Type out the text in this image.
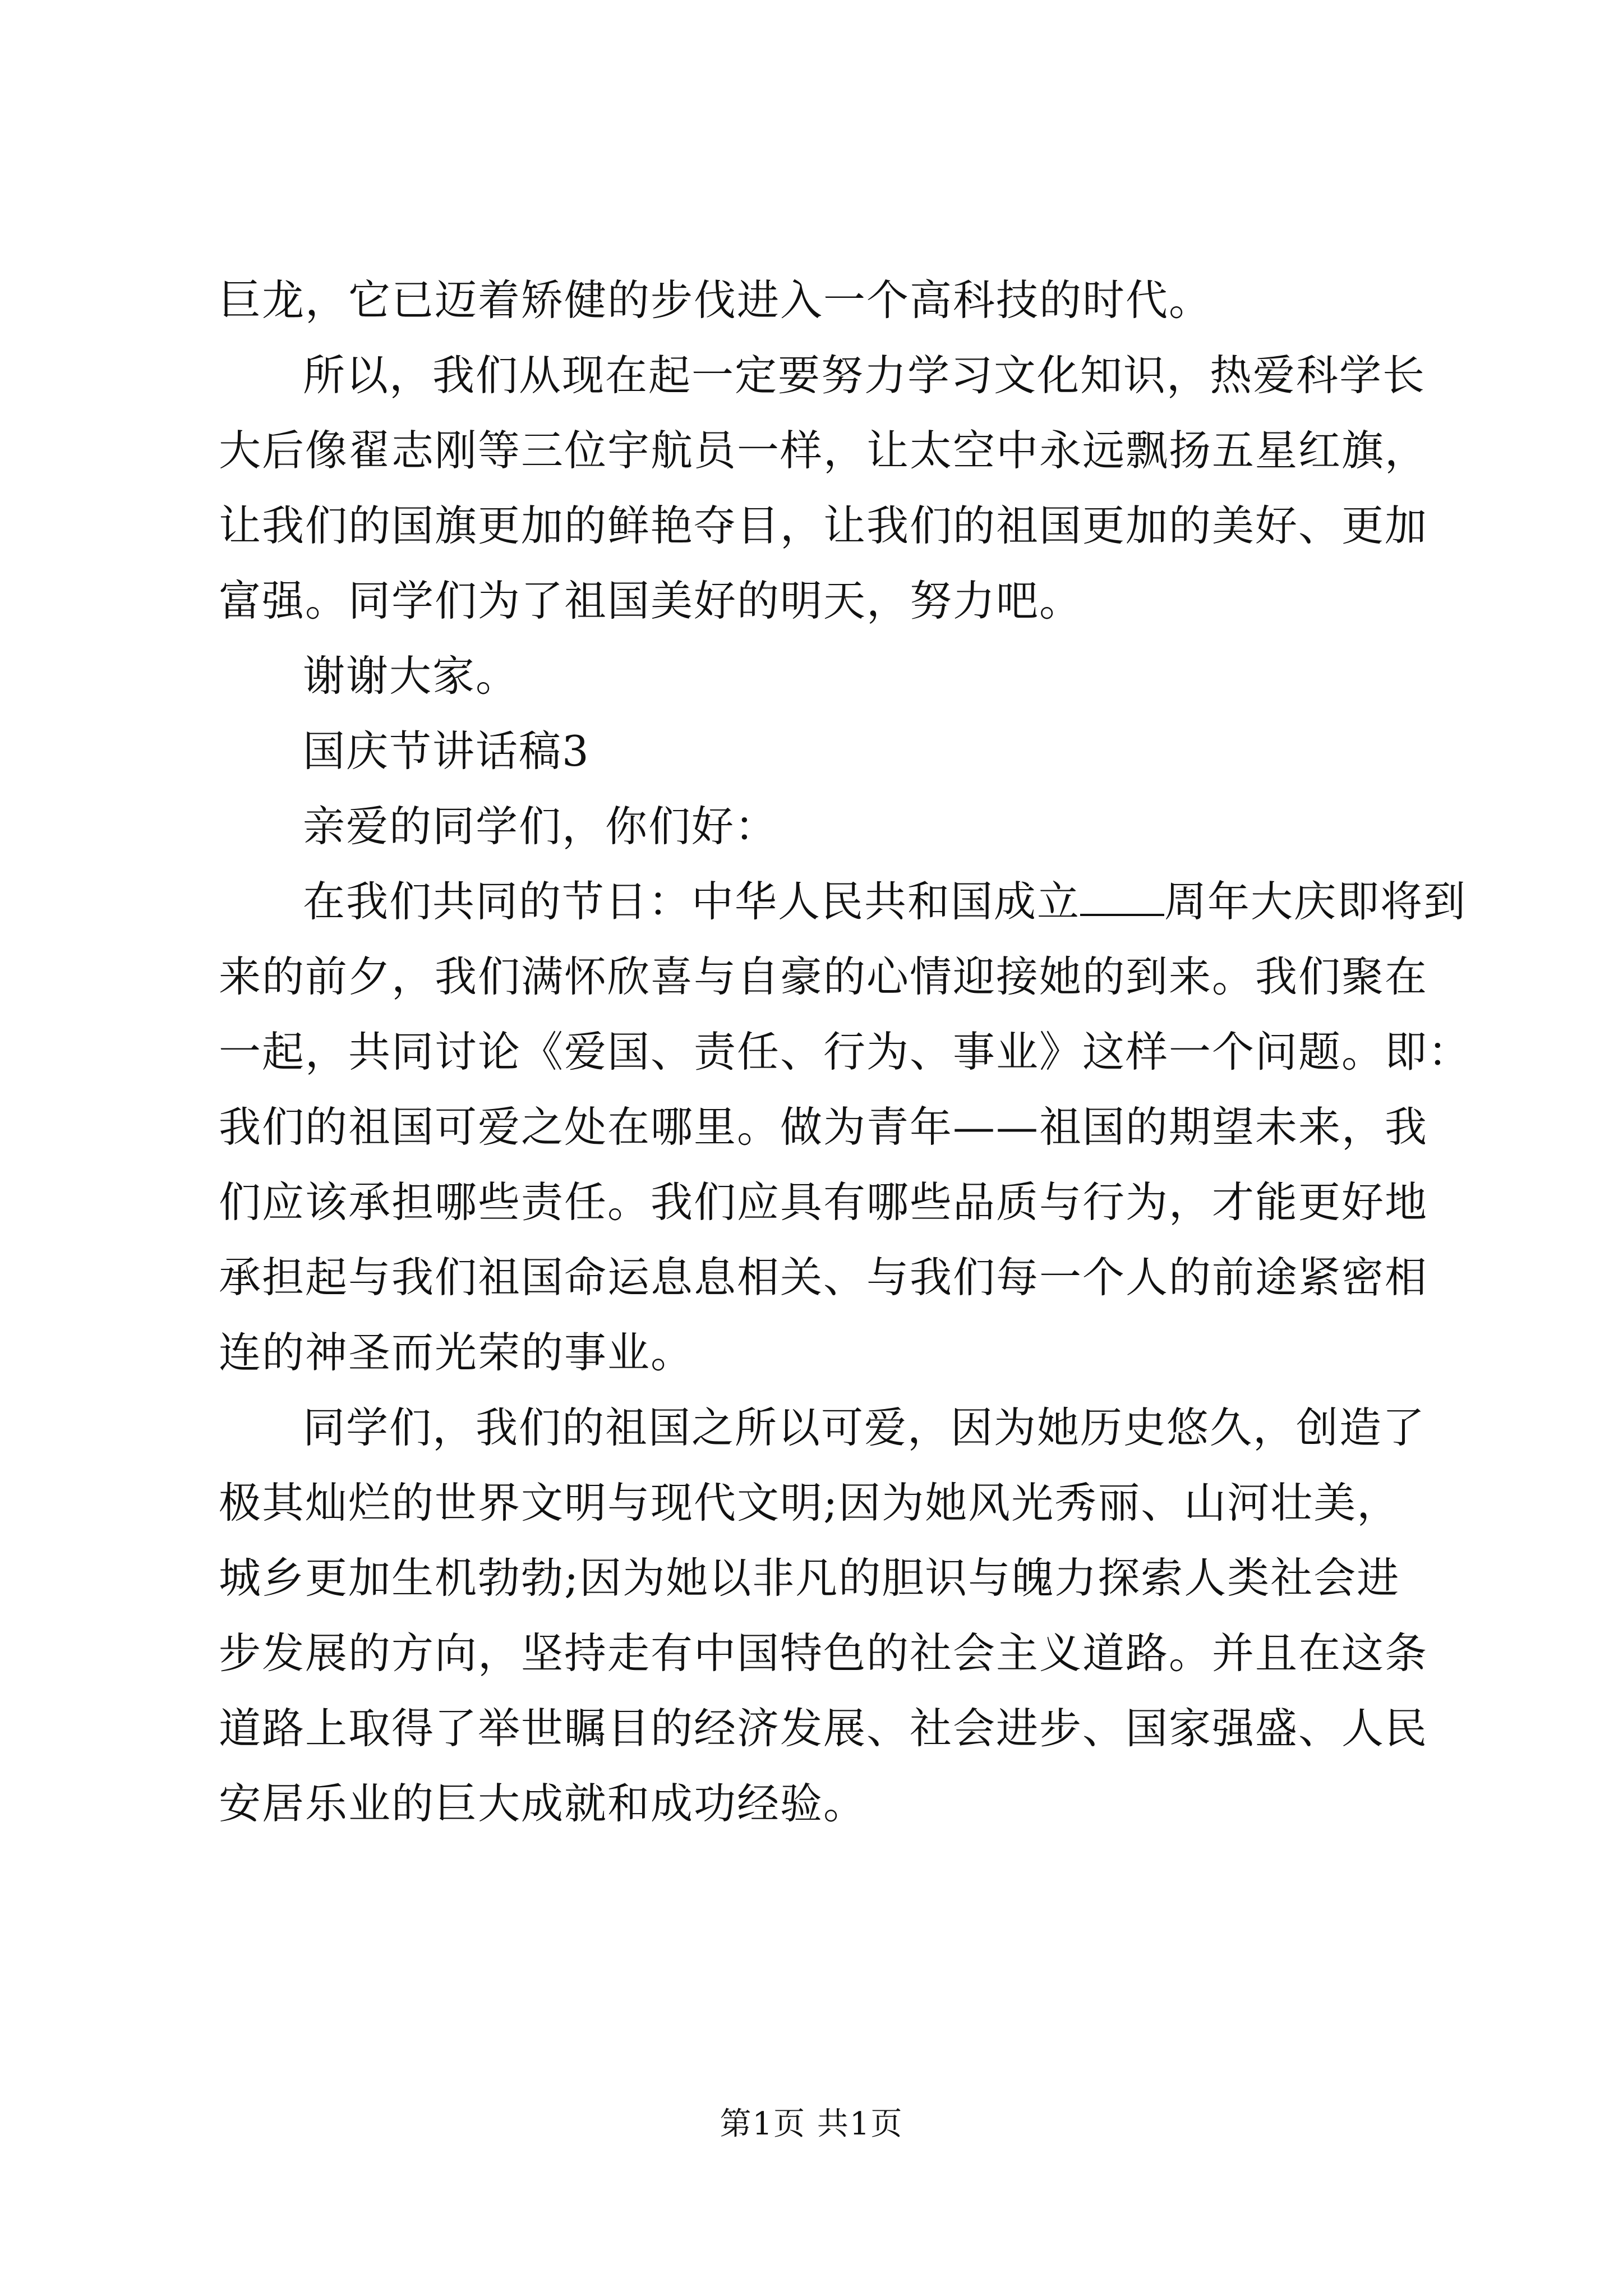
巨龙，它已迈着矫健的步伐进入一个高科技的时代。
所以，我们从现在起一定要努力学习文化知识，热爱科学长
大后像翟志刚等三位宇航员一样，让太空中永远飘扬五星红旗，
让我们的国旗更加的鲜艳夺目，让我们的祖国更加的美好、更加
富强。同学们为了祖国美好的明天，努力吧。
谢谢大家。
国庆节讲话稿3
亲爱的同学们，你们好：
在我们共同的节日：中华人民共和国成立 周年大庆即将到
来的前夕，我们满怀欣喜与自豪的心情迎接她的到来。我们聚在
一起，共同讨论《爱国、责任、行为、事业》这样一个问题。即：
我们的祖国可爱之处在哪里。做为青年——祖国的期望未来，我
们应该承担哪些责任。我们应具有哪些品质与行为，才能更好地
承担起与我们祖国命运息息相关、与我们每一个人的前途紧密相
连的神圣而光荣的事业。
同学们，我们的祖国之所以可爱，因为她历史悠久，创造了
极其灿烂的世界文明与现代文明;因为她风光秀丽、山河壮美，
城乡更加生机勃勃;因为她以非凡的胆识与魄力探索人类社会进
步发展的方向，坚持走有中国特色的社会主义道路。并且在这条
道路上取得了举世瞩目的经济发展、社会进步、国家强盛、人民
安居乐业的巨大成就和成功经验。
第1页 共1页
